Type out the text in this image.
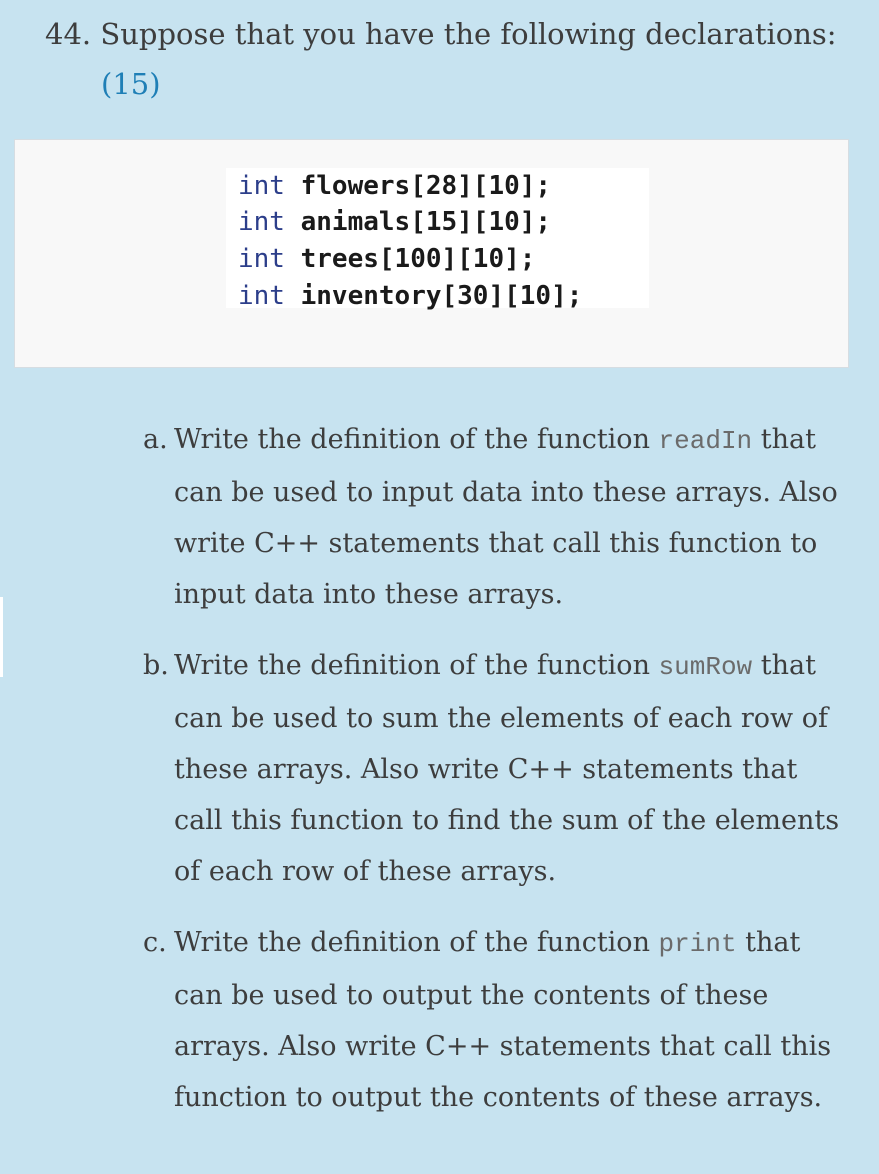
44. Suppose that you have the following declarations:
(15)
int flowers[28][10];
int animals[15][10];
int trees[100][10];
int inventory[30][10];
a. Write the definition of the function readIn that can be used to input data into these arrays. Also write C++ statements that call this function to input data into these arrays.
b. Write the definition of the function sumRow that can be used to sum the elements of each row of these arrays. Also write C++ statements that call this function to find the sum of the elements of each row of these arrays.
c. Write the definition of the function print that can be used to output the contents of these arrays. Also write C++ statements that call this function to output the contents of these arrays.
